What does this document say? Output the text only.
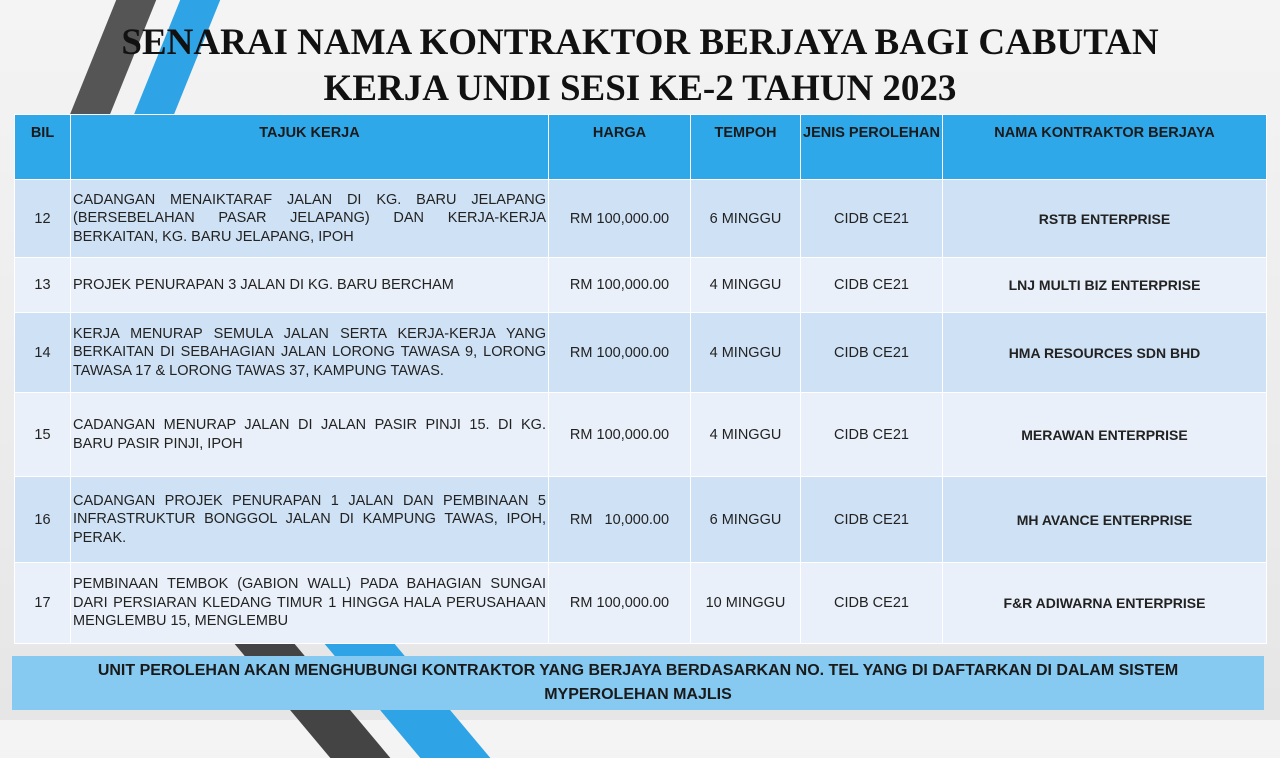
SENARAI NAMA KONTRAKTOR BERJAYA BAGI CABUTAN
KERJA UNDI SESI KE-2 TAHUN 2023
BIL	TAJUK KERJA	HARGA	TEMPOH	JENIS PEROLEHAN	NAMA KONTRAKTOR BERJAYA
12	CADANGAN MENAIKTARAF JALAN DI KG. BARU JELAPANG (BERSEBELAHAN PASAR JELAPANG) DAN KERJA-KERJA BERKAITAN, KG. BARU JELAPANG, IPOH	RM 100,000.00	6 MINGGU	CIDB CE21	RSTB ENTERPRISE
13	PROJEK PENURAPAN 3 JALAN DI KG. BARU BERCHAM	RM 100,000.00	4 MINGGU	CIDB CE21	LNJ MULTI BIZ ENTERPRISE
14	KERJA MENURAP SEMULA JALAN SERTA KERJA-KERJA YANG BERKAITAN DI SEBAHAGIAN JALAN LORONG TAWASA 9, LORONG TAWASA 17 & LORONG TAWAS 37, KAMPUNG TAWAS.	RM 100,000.00	4 MINGGU	CIDB CE21	HMA RESOURCES SDN BHD
15	CADANGAN MENURAP JALAN DI JALAN PASIR PINJI 15. DI KG. BARU PASIR PINJI, IPOH	RM 100,000.00	4 MINGGU	CIDB CE21	MERAWAN ENTERPRISE
16	CADANGAN PROJEK PENURAPAN 1 JALAN DAN PEMBINAAN 5 INFRASTRUKTUR BONGGOL JALAN DI KAMPUNG TAWAS, IPOH, PERAK.	RM   10,000.00	6 MINGGU	CIDB CE21	MH AVANCE ENTERPRISE
17	PEMBINAAN TEMBOK (GABION WALL) PADA BAHAGIAN SUNGAI DARI PERSIARAN KLEDANG TIMUR 1 HINGGA HALA PERUSAHAAN MENGLEMBU 15, MENGLEMBU	RM 100,000.00	10 MINGGU	CIDB CE21	F&R ADIWARNA ENTERPRISE
UNIT PEROLEHAN AKAN MENGHUBUNGI KONTRAKTOR YANG BERJAYA BERDASARKAN NO. TEL YANG DI DAFTARKAN DI DALAM SISTEM MYPEROLEHAN MAJLIS
